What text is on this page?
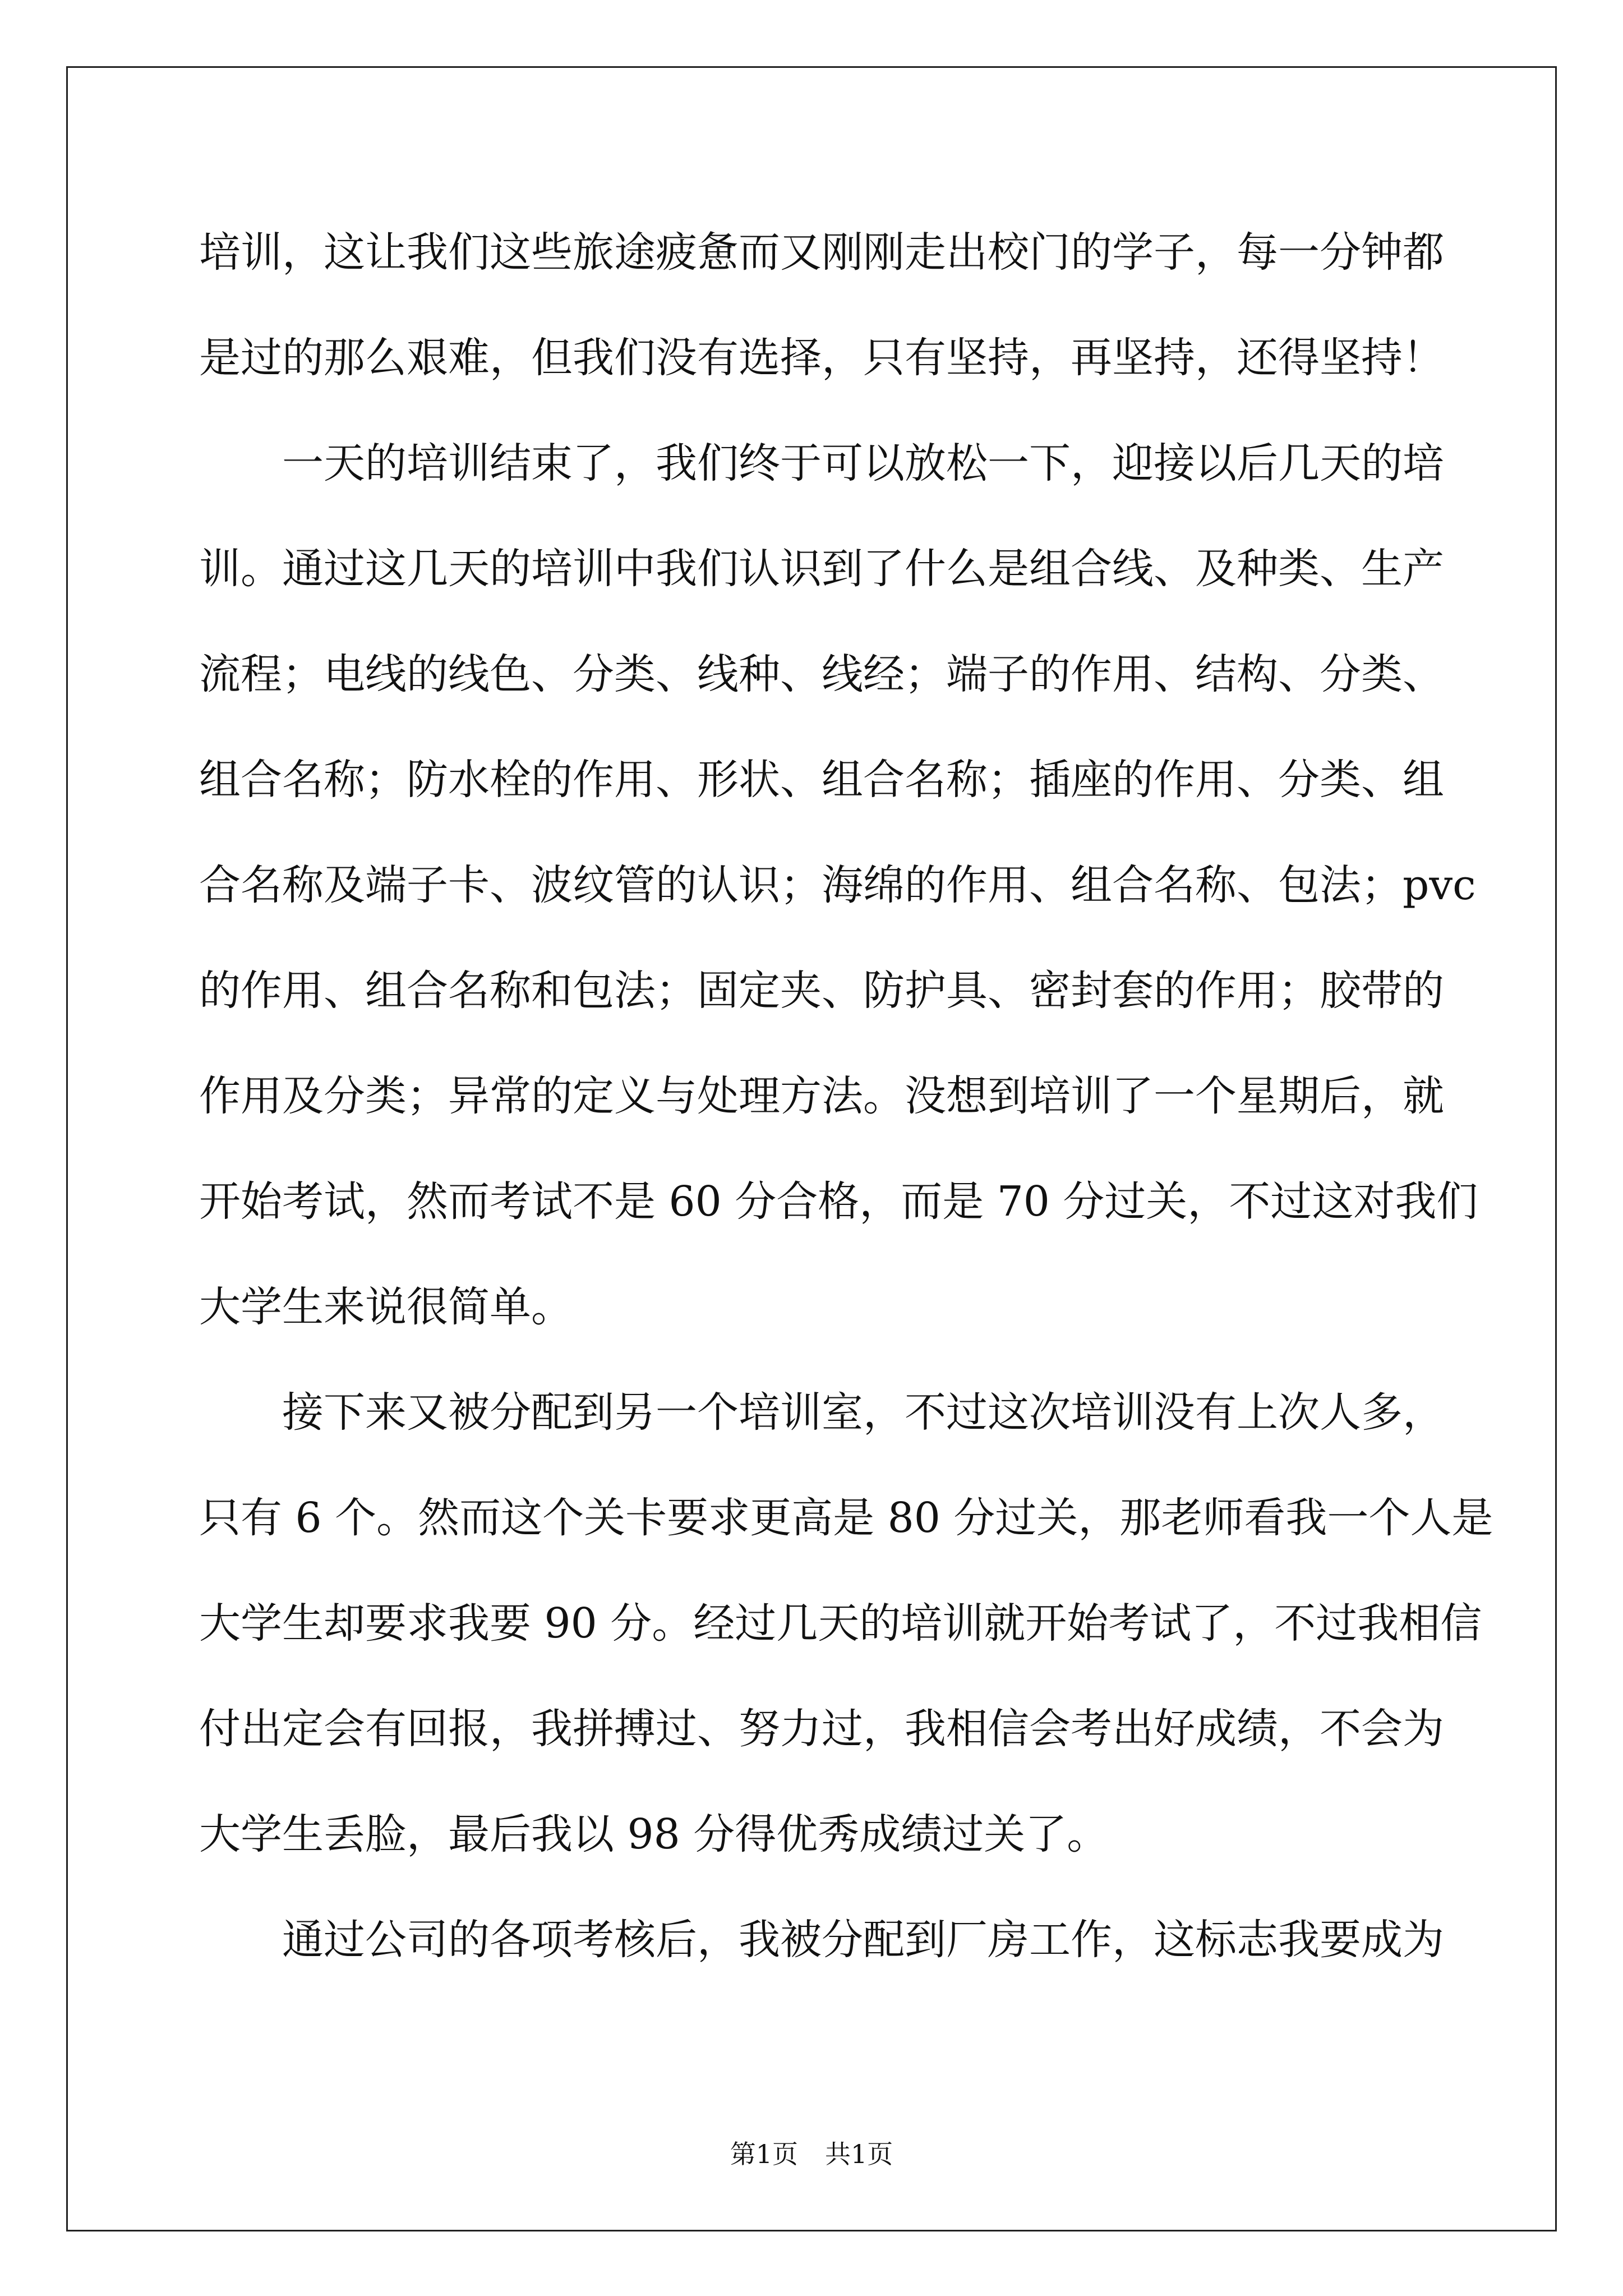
培训，这让我们这些旅途疲惫而又刚刚走出校门的学子，每一分钟都
是过的那么艰难，但我们没有选择，只有坚持，再坚持，还得坚持！
一天的培训结束了，我们终于可以放松一下，迎接以后几天的培
训。通过这几天的培训中我们认识到了什么是组合线、及种类、生产
流程；电线的线色、分类、线种、线经；端子的作用、结构、分类、
组合名称；防水栓的作用、形状、组合名称；插座的作用、分类、组
合名称及端子卡、波纹管的认识；海绵的作用、组合名称、包法；pvc
的作用、组合名称和包法；固定夹、防护具、密封套的作用；胶带的
作用及分类；异常的定义与处理方法。没想到培训了一个星期后，就
开始考试，然而考试不是 60 分合格，而是 70 分过关，不过这对我们
大学生来说很简单。
接下来又被分配到另一个培训室，不过这次培训没有上次人多，
只有 6 个。然而这个关卡要求更高是 80 分过关，那老师看我一个人是
大学生却要求我要 90 分。经过几天的培训就开始考试了，不过我相信
付出定会有回报，我拼搏过、努力过，我相信会考出好成绩，不会为
大学生丢脸，最后我以 98 分得优秀成绩过关了。
通过公司的各项考核后，我被分配到厂房工作，这标志我要成为
第1页 共1页
